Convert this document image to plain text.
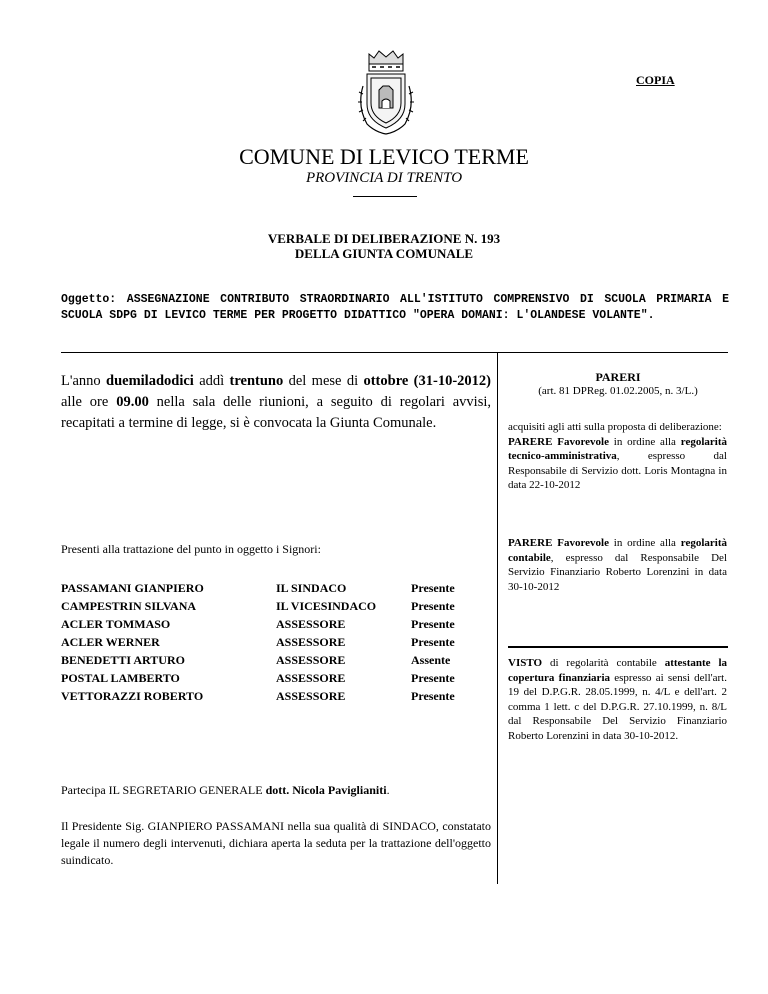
COPIA
COMUNE DI LEVICO TERME
PROVINCIA DI TRENTO
VERBALE DI DELIBERAZIONE N. 193
DELLA GIUNTA COMUNALE
Oggetto: ASSEGNAZIONE CONTRIBUTO STRAORDINARIO ALL'ISTITUTO COMPRENSIVO DI SCUOLA PRIMARIA E SCUOLA SDPG DI LEVICO TERME PER PROGETTO DIDATTICO "OPERA DOMANI: L'OLANDESE VOLANTE".
L'anno duemiladodici addì trentuno del mese di ottobre (31-10-2012) alle ore 09.00 nella sala delle riunioni, a seguito di regolari avvisi, recapitati a termine di legge, si è convocata la Giunta Comunale.
Presenti alla trattazione del punto in oggetto i Signori:
PASSAMANI GIANPIERO	IL SINDACO	Presente
CAMPESTRIN SILVANA	IL VICESINDACO	Presente
ACLER TOMMASO	ASSESSORE	Presente
ACLER WERNER	ASSESSORE	Presente
BENEDETTI ARTURO	ASSESSORE	Assente
POSTAL LAMBERTO	ASSESSORE	Presente
VETTORAZZI ROBERTO	ASSESSORE	Presente
Partecipa IL SEGRETARIO GENERALE dott. Nicola Paviglianiti.
Il Presidente Sig. GIANPIERO PASSAMANI nella sua qualità di SINDACO, constatato legale il numero degli intervenuti, dichiara aperta la seduta per la trattazione dell'oggetto suindicato.
PARERI
(art. 81 DPReg. 01.02.2005, n. 3/L.)
acquisiti agli atti sulla proposta di deliberazione:
PARERE Favorevole in ordine alla regolarità tecnico-amministrativa, espresso dal Responsabile di Servizio dott. Loris Montagna in data 22-10-2012
PARERE Favorevole in ordine alla regolarità contabile, espresso dal Responsabile Del Servizio Finanziario Roberto Lorenzini in data 30-10-2012
VISTO di regolarità contabile attestante la copertura finanziaria espresso ai sensi dell'art. 19 del D.P.G.R. 28.05.1999, n. 4/L e dell'art. 2 comma 1 lett. c del D.P.G.R. 27.10.1999, n. 8/L dal Responsabile Del Servizio Finanziario Roberto Lorenzini in data 30-10-2012.
